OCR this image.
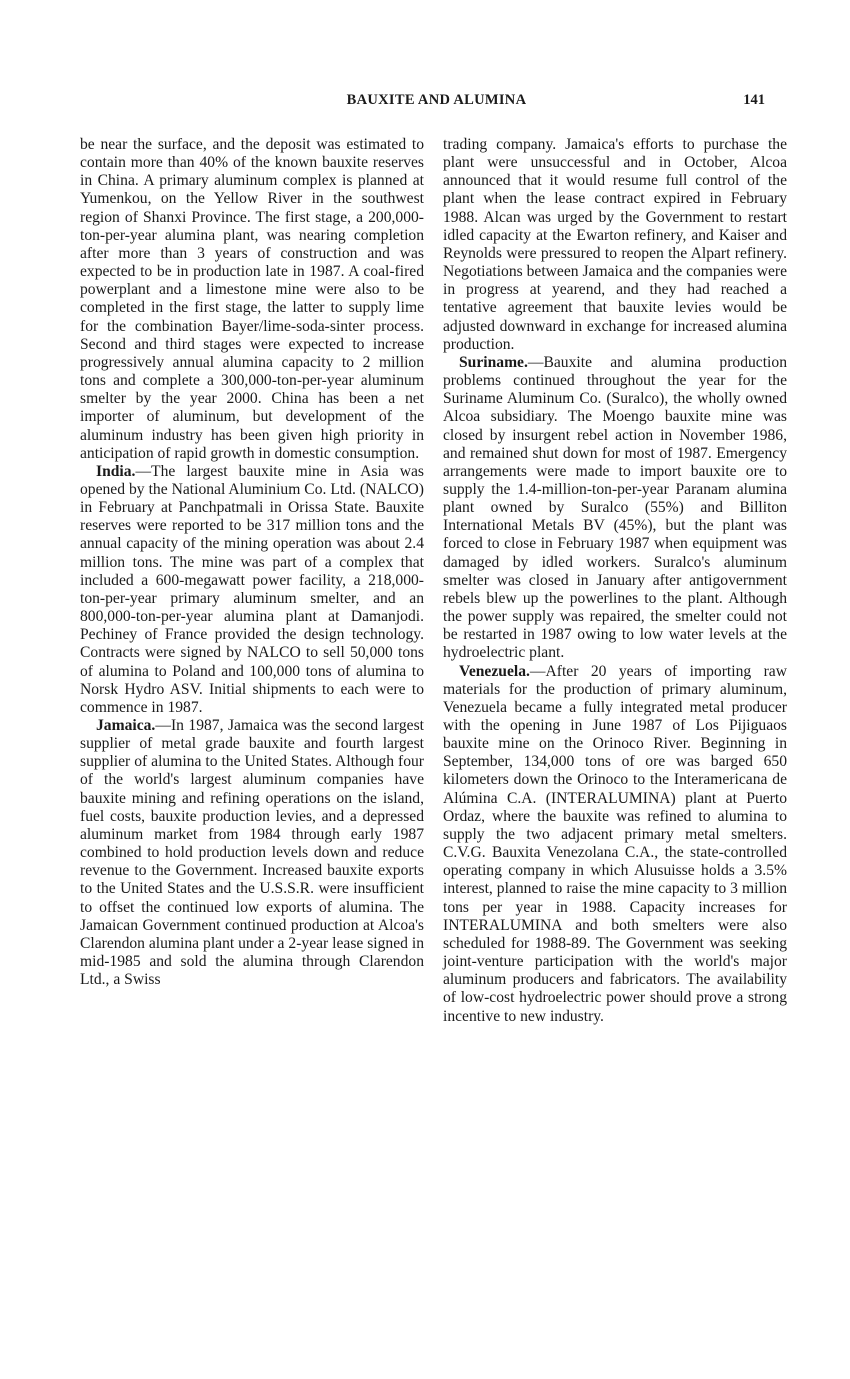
BAUXITE AND ALUMINA	141

be near the surface, and the deposit was estimated to contain more than 40% of the known bauxite reserves in China. A primary aluminum complex is planned at Yumenkou, on the Yellow River in the southwest region of Shanxi Province. The first stage, a 200,000-ton-per-year alumina plant, was nearing completion after more than 3 years of construction and was expected to be in production late in 1987. A coal-fired powerplant and a limestone mine were also to be completed in the first stage, the latter to supply lime for the combination Bayer/lime-soda-sinter process. Second and third stages were expected to increase progressively annual alumina capacity to 2 million tons and complete a 300,000-ton-per-year aluminum smelter by the year 2000. China has been a net importer of aluminum, but development of the aluminum industry has been given high priority in anticipation of rapid growth in domestic consumption.

India.—The largest bauxite mine in Asia was opened by the National Aluminium Co. Ltd. (NALCO) in February at Panchpatmali in Orissa State. Bauxite reserves were reported to be 317 million tons and the annual capacity of the mining operation was about 2.4 million tons. The mine was part of a complex that included a 600-megawatt power facility, a 218,000-ton-per-year primary aluminum smelter, and an 800,000-ton-per-year alumina plant at Damanjodi. Pechiney of France provided the design technology. Contracts were signed by NALCO to sell 50,000 tons of alumina to Poland and 100,000 tons of alumina to Norsk Hydro ASV. Initial shipments to each were to commence in 1987.

Jamaica.—In 1987, Jamaica was the second largest supplier of metal grade bauxite and fourth largest supplier of alumina to the United States. Although four of the world's largest aluminum companies have bauxite mining and refining operations on the island, fuel costs, bauxite production levies, and a depressed aluminum market from 1984 through early 1987 combined to hold production levels down and reduce revenue to the Government. Increased bauxite exports to the United States and the U.S.S.R. were insufficient to offset the continued low exports of alumina. The Jamaican Government continued production at Alcoa's Clarendon alumina plant under a 2-year lease signed in mid-1985 and sold the alumina through Clarendon Ltd., a Swiss

trading company. Jamaica's efforts to purchase the plant were unsuccessful and in October, Alcoa announced that it would resume full control of the plant when the lease contract expired in February 1988. Alcan was urged by the Government to restart idled capacity at the Ewarton refinery, and Kaiser and Reynolds were pressured to reopen the Alpart refinery. Negotiations between Jamaica and the companies were in progress at yearend, and they had reached a tentative agreement that bauxite levies would be adjusted downward in exchange for increased alumina production.

Suriname.—Bauxite and alumina production problems continued throughout the year for the Suriname Aluminum Co. (Suralco), the wholly owned Alcoa subsidiary. The Moengo bauxite mine was closed by insurgent rebel action in November 1986, and remained shut down for most of 1987. Emergency arrangements were made to import bauxite ore to supply the 1.4-million-ton-per-year Paranam alumina plant owned by Suralco (55%) and Billiton International Metals BV (45%), but the plant was forced to close in February 1987 when equipment was damaged by idled workers. Suralco's aluminum smelter was closed in January after antigovernment rebels blew up the powerlines to the plant. Although the power supply was repaired, the smelter could not be restarted in 1987 owing to low water levels at the hydroelectric plant.

Venezuela.—After 20 years of importing raw materials for the production of primary aluminum, Venezuela became a fully integrated metal producer with the opening in June 1987 of Los Pijiguaos bauxite mine on the Orinoco River. Beginning in September, 134,000 tons of ore was barged 650 kilometers down the Orinoco to the Interamericana de Alúmina C.A. (INTERALUMINA) plant at Puerto Ordaz, where the bauxite was refined to alumina to supply the two adjacent primary metal smelters. C.V.G. Bauxita Venezolana C.A., the state-controlled operating company in which Alusuisse holds a 3.5% interest, planned to raise the mine capacity to 3 million tons per year in 1988. Capacity increases for INTERALUMINA and both smelters were also scheduled for 1988-89. The Government was seeking joint-venture participation with the world's major aluminum producers and fabricators. The availability of low-cost hydroelectric power should prove a strong incentive to new industry.
